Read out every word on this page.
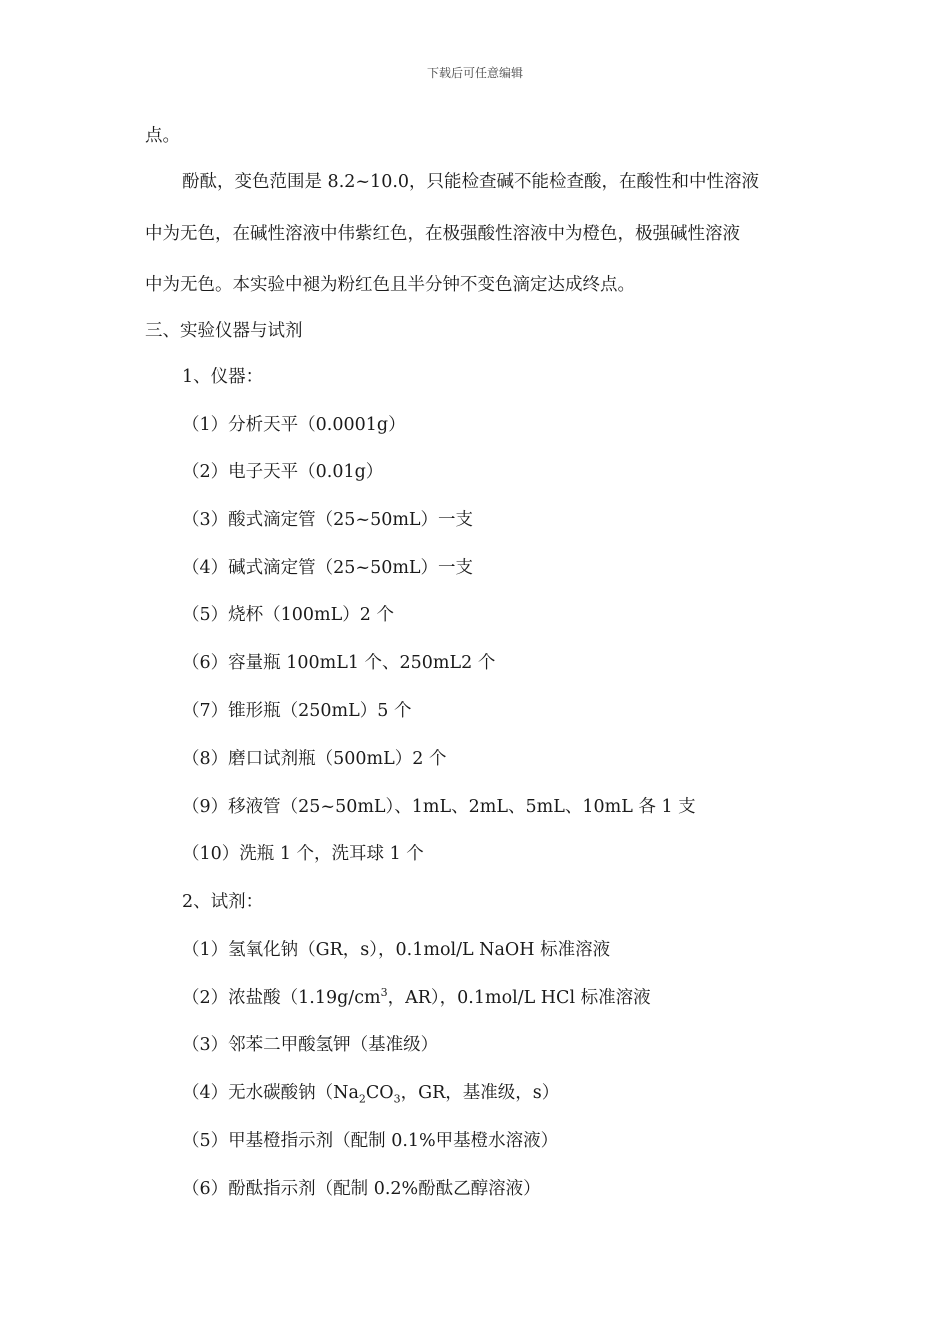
下载后可任意编辑
点。
酚酞，变色范围是 8.2~10.0，只能检查碱不能检查酸，在酸性和中性溶液
中为无色，在碱性溶液中伟紫红色，在极强酸性溶液中为橙色，极强碱性溶液
中为无色。本实验中褪为粉红色且半分钟不变色滴定达成终点。
三、实验仪器与试剂
1、仪器：
（1）分析天平（0.0001g）
（2）电子天平（0.01g）
（3）酸式滴定管（25~50mL）一支
（4）碱式滴定管（25~50mL）一支
（5）烧杯（100mL）2 个
（6）容量瓶 100mL1 个、250mL2 个
（7）锥形瓶（250mL）5 个
（8）磨口试剂瓶（500mL）2 个
（9）移液管（25~50mL）、1mL、2mL、5mL、10mL 各 1 支
（10）洗瓶 1 个，洗耳球 1 个
2、试剂：
（1）氢氧化钠（GR，s），0.1mol/L NaOH 标准溶液
（2）浓盐酸（$1.19g/cm^3$，AR），0.1mol/L HCl 标准溶液
（3）邻苯二甲酸氢钾（基准级）
（4）无水碳酸钠（$Na_2CO_3$，GR，基准级，s）
（5）甲基橙指示剂（配制 0.1%甲基橙水溶液）
（6）酚酞指示剂（配制 0.2%酚酞乙醇溶液）
